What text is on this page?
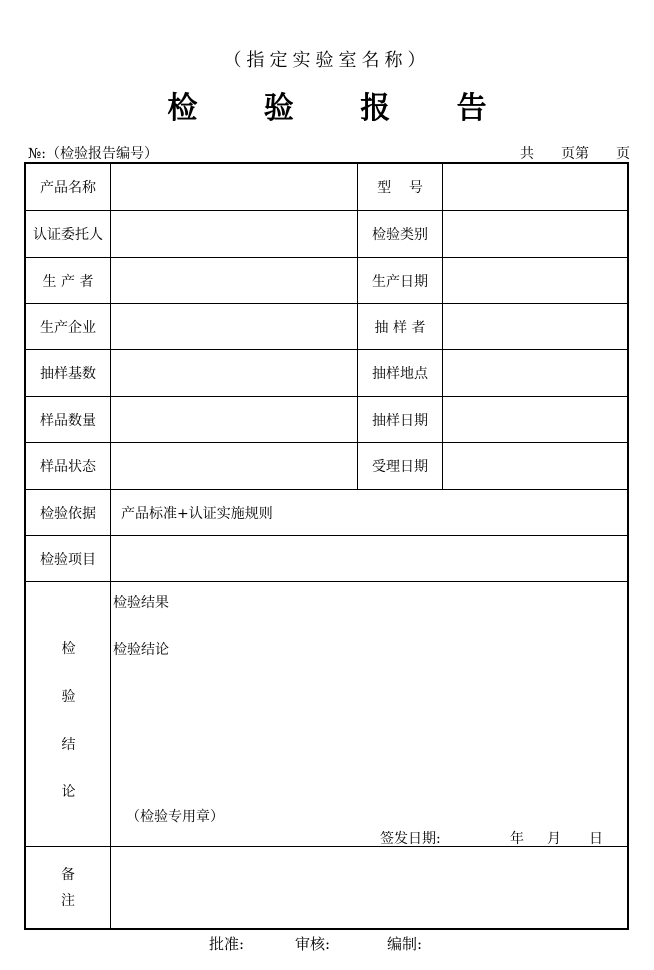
（指定实验室名称）
检 验 报 告
№:（检验报告编号）	共 页第 页
产品名称	型    号
认证委托人	检验类别
生 产 者	生产日期
生产企业	抽 样 者
抽样基数	抽样地点
样品数量	抽样日期
样品状态	受理日期
检验依据	产品标准+认证实施规则
检验项目
检
验
结
论
检验结果
检验结论
（检验专用章）
签发日期:	年 月 日
备
注
批准:	审核:	编制:
